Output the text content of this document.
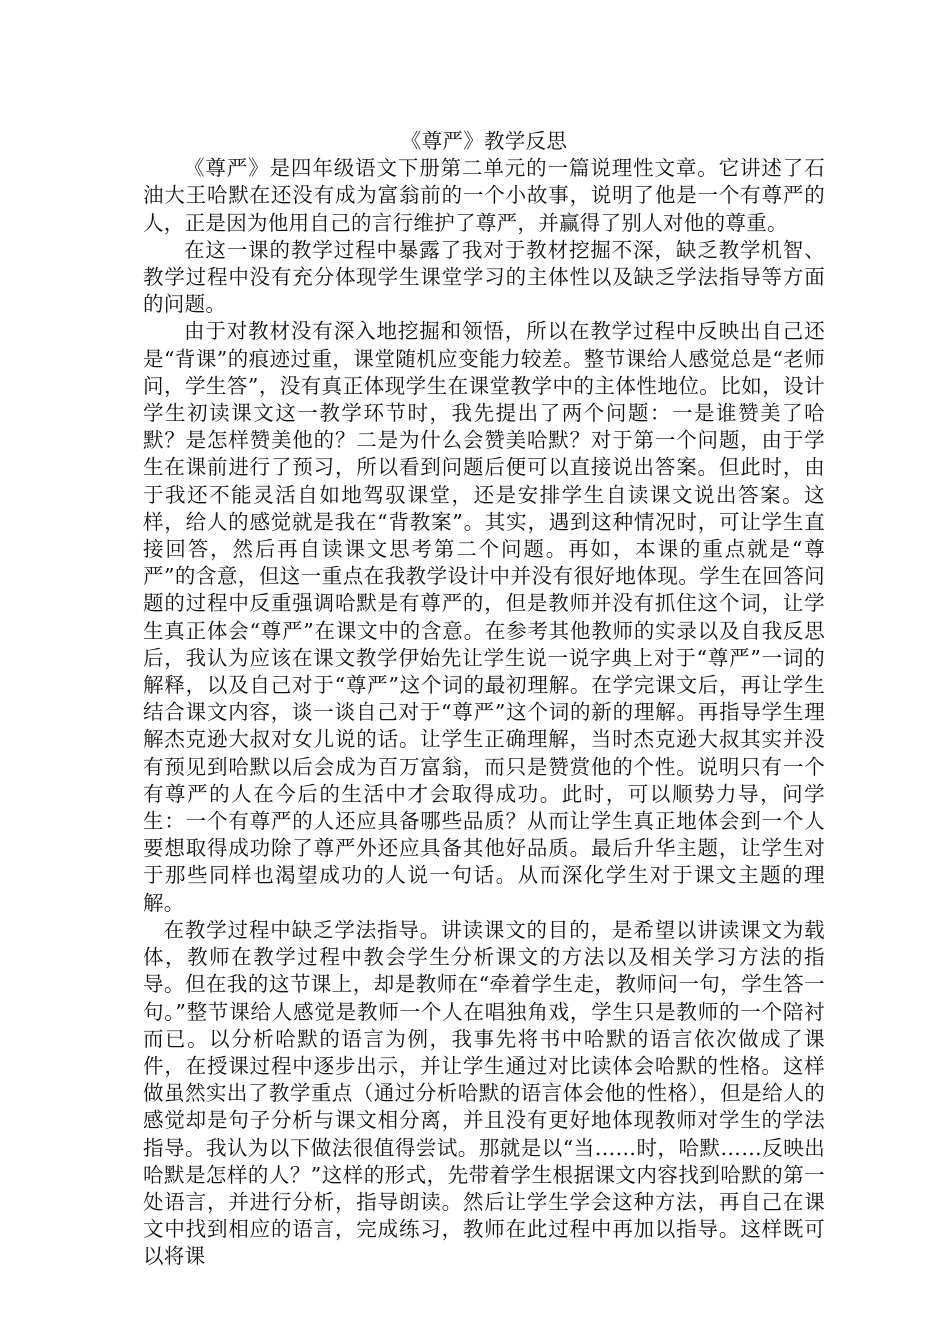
《尊严》教学反思

《尊严》是四年级语文下册第二单元的一篇说理性文章。它讲述了石油大王哈默在还没有成为富翁前的一个小故事，说明了他是一个有尊严的人，正是因为他用自己的言行维护了尊严，并赢得了别人对他的尊重。

在这一课的教学过程中暴露了我对于教材挖掘不深，缺乏教学机智、教学过程中没有充分体现学生课堂学习的主体性以及缺乏学法指导等方面的问题。

由于对教材没有深入地挖掘和领悟，所以在教学过程中反映出自己还是“背课”的痕迹过重，课堂随机应变能力较差。整节课给人感觉总是“老师问，学生答”，没有真正体现学生在课堂教学中的主体性地位。比如，设计学生初读课文这一教学环节时，我先提出了两个问题：一是谁赞美了哈默？是怎样赞美他的？二是为什么会赞美哈默？对于第一个问题，由于学生在课前进行了预习，所以看到问题后便可以直接说出答案。但此时，由于我还不能灵活自如地驾驭课堂，还是安排学生自读课文说出答案。这样，给人的感觉就是我在“背教案”。其实，遇到这种情况时，可让学生直接回答，然后再自读课文思考第二个问题。再如，本课的重点就是“尊严”的含意，但这一重点在我教学设计中并没有很好地体现。学生在回答问题的过程中反重强调哈默是有尊严的，但是教师并没有抓住这个词，让学生真正体会“尊严”在课文中的含意。在参考其他教师的实录以及自我反思后，我认为应该在课文教学伊始先让学生说一说字典上对于“尊严”一词的解释，以及自己对于“尊严”这个词的最初理解。在学完课文后，再让学生结合课文内容，谈一谈自己对于“尊严”这个词的新的理解。再指导学生理解杰克逊大叔对女儿说的话。让学生正确理解，当时杰克逊大叔其实并没有预见到哈默以后会成为百万富翁，而只是赞赏他的个性。说明只有一个有尊严的人在今后的生活中才会取得成功。此时，可以顺势力导，问学生：一个有尊严的人还应具备哪些品质？从而让学生真正地体会到一个人要想取得成功除了尊严外还应具备其他好品质。最后升华主题，让学生对于那些同样也渴望成功的人说一句话。从而深化学生对于课文主题的理解。

在教学过程中缺乏学法指导。讲读课文的目的，是希望以讲读课文为载体，教师在教学过程中教会学生分析课文的方法以及相关学习方法的指导。但在我的这节课上，却是教师在“牵着学生走，教师问一句，学生答一句。”整节课给人感觉是教师一个人在唱独角戏，学生只是教师的一个陪衬而已。以分析哈默的语言为例，我事先将书中哈默的语言依次做成了课件，在授课过程中逐步出示，并让学生通过对比读体会哈默的性格。这样做虽然实出了教学重点（通过分析哈默的语言体会他的性格），但是给人的感觉却是句子分析与课文相分离，并且没有更好地体现教师对学生的学法指导。我认为以下做法很值得尝试。那就是以“当……时，哈默……反映出哈默是怎样的人？”这样的形式，先带着学生根据课文内容找到哈默的第一处语言，并进行分析，指导朗读。然后让学生学会这种方法，再自己在课文中找到相应的语言，完成练习，教师在此过程中再加以指导。这样既可以将课
